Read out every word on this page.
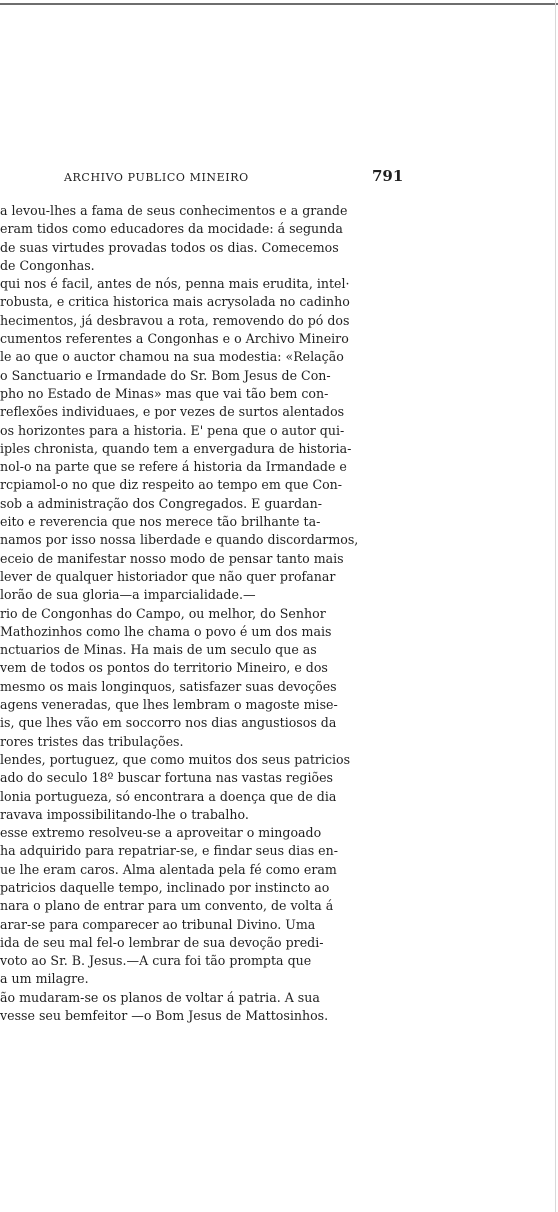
ARCHIVO PUBLICO MINEIRO	791
a levou-lhes a fama de seus conhecimentos e a grande
eram tidos como educadores da mocidade: á segunda
de suas virtudes provadas todos os dias. Comecemos
de Congonhas.
qui nos é facil, antes de nós, penna mais erudita, intel·
robusta, e critica historica mais acrysolada no cadinho
hecimentos, já desbravou a rota, removendo do pó dos
cumentos referentes a Congonhas e o Archivo Mineiro
le ao que o auctor chamou na sua modestia: «Relação
o Sanctuario e Irmandade do Sr. Bom Jesus de Con-
pho no Estado de Minas» mas que vai tão bem con-
reflexões individuaes, e por vezes de surtos alentados
os horizontes para a historia. E' pena que o autor qui-
iples chronista, quando tem a envergadura de historia-
nol-o na parte que se refere á historia da Irmandade e
rcpiamol-o no que diz respeito ao tempo em que Con-
sob a administração dos Congregados. E guardan-
eito e reverencia que nos merece tão brilhante ta-
namos por isso nossa liberdade e quando discordarmos,
eceio de manifestar nosso modo de pensar tanto mais
lever de qualquer historiador que não quer profanar
lorão de sua gloria—a imparcialidade.—
rio de Congonhas do Campo, ou melhor, do Senhor
Mathozinhos como lhe chama o povo é um dos mais
nctuarios de Minas. Ha mais de um seculo que as
vem de todos os pontos do territorio Mineiro, e dos
mesmo os mais longinquos, satisfazer suas devoções
agens veneradas, que lhes lembram o magoste mise-
is, que lhes vão em soccorro nos dias angustiosos da
rores tristes das tribulações.
lendes, portuguez, que como muitos dos seus patricios
ado do seculo 18º buscar fortuna nas vastas regiões
lonia portugueza, só encontrara a doença que de dia
ravava impossibilitando-lhe o trabalho.
esse extremo resolveu-se a aproveitar o mingoado
ha adquirido para repatriar-se, e findar seus dias en-
ue lhe eram caros. Alma alentada pela fé como eram
patricios daquelle tempo, inclinado por instincto ao
nara o plano de entrar para um convento, de volta á
arar-se para comparecer ao tribunal Divino. Uma
ida de seu mal fel-o lembrar de sua devoção predi-
voto ao Sr. B. Jesus.—A cura foi tão prompta que
a um milagre.
ão mudaram-se os planos de voltar á patria. A sua
vesse seu bemfeitor —o Bom Jesus de Mattosinhos.
